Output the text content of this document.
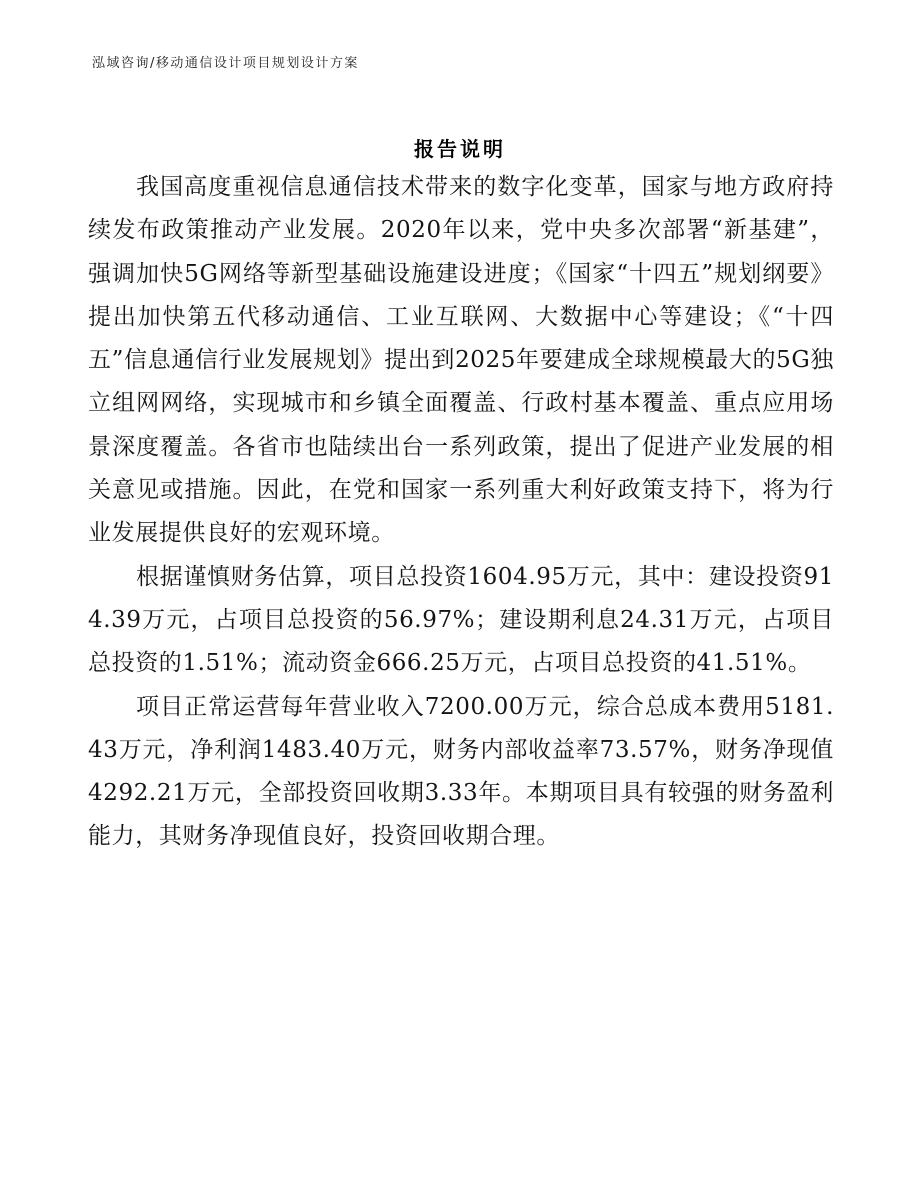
泓域咨询/移动通信设计项目规划设计方案
报告说明

我国高度重视信息通信技术带来的数字化变革，国家与地方政府持续发布政策推动产业发展。2020年以来，党中央多次部署“新基建”，强调加快5G网络等新型基础设施建设进度；《国家“十四五”规划纲要》提出加快第五代移动通信、工业互联网、大数据中心等建设；《“十四五”信息通信行业发展规划》提出到2025年要建成全球规模最大的5G独立组网网络，实现城市和乡镇全面覆盖、行政村基本覆盖、重点应用场景深度覆盖。各省市也陆续出台一系列政策，提出了促进产业发展的相关意见或措施。因此，在党和国家一系列重大利好政策支持下，将为行业发展提供良好的宏观环境。

根据谨慎财务估算，项目总投资1604.95万元，其中：建设投资914.39万元，占项目总投资的56.97%；建设期利息24.31万元，占项目总投资的1.51%；流动资金666.25万元，占项目总投资的41.51%。

项目正常运营每年营业收入7200.00万元，综合总成本费用5181.43万元，净利润1483.40万元，财务内部收益率73.57%，财务净现值4292.21万元，全部投资回收期3.33年。本期项目具有较强的财务盈利能力，其财务净现值良好，投资回收期合理。
